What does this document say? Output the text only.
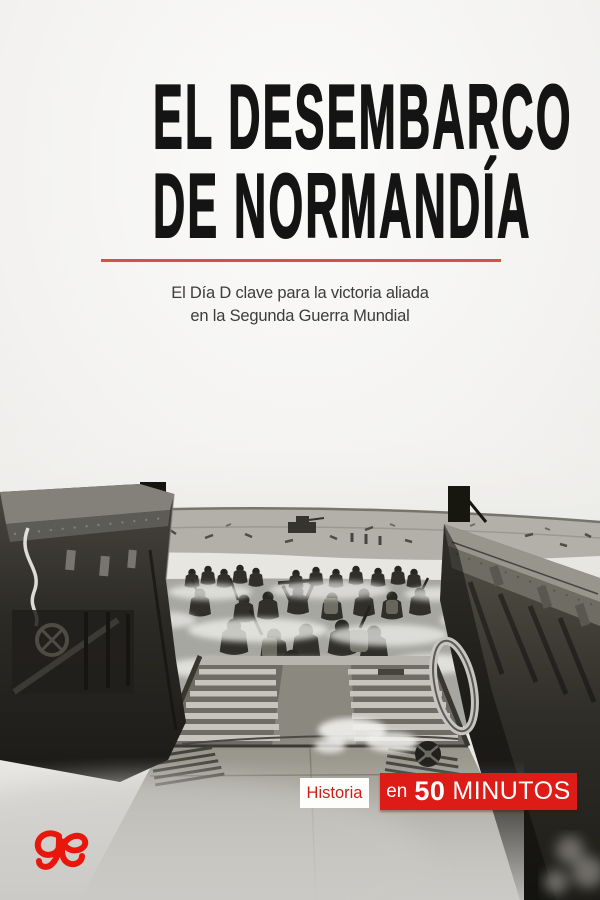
EL DESEMBARCO
DE NORMANDÍA

El Día D clave para la victoria aliada
en la Segunda Guerra Mundial

Historia en 50 MINUTOS
